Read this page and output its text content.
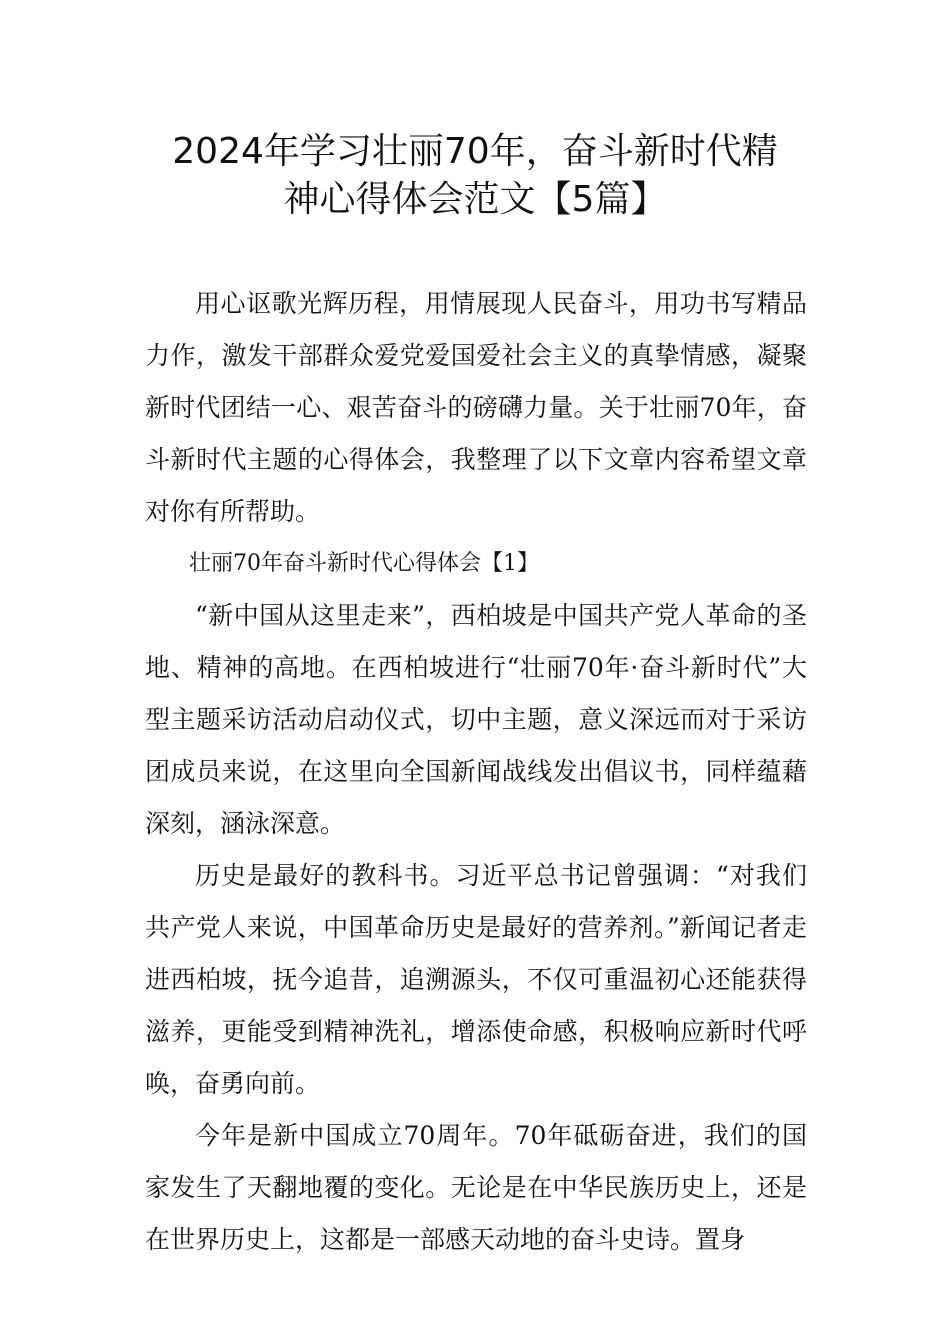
2024年学习壮丽70年，奋斗新时代精
神心得体会范文【5篇】

用心讴歌光辉历程，用情展现人民奋斗，用功书写精品力作，激发干部群众爱党爱国爱社会主义的真挚情感，凝聚新时代团结一心、艰苦奋斗的磅礴力量。关于壮丽70年，奋斗新时代主题的心得体会，我整理了以下文章内容希望文章对你有所帮助。

壮丽70年奋斗新时代心得体会【1】

“新中国从这里走来”，西柏坡是中国共产党人革命的圣地、精神的高地。在西柏坡进行“壮丽70年·奋斗新时代”大型主题采访活动启动仪式，切中主题，意义深远而对于采访团成员来说，在这里向全国新闻战线发出倡议书，同样蕴藉深刻，涵泳深意。

历史是最好的教科书。习近平总书记曾强调：“对我们共产党人来说，中国革命历史是最好的营养剂。”新闻记者走进西柏坡，抚今追昔，追溯源头，不仅可重温初心还能获得滋养，更能受到精神洗礼，增添使命感，积极响应新时代呼唤，奋勇向前。

今年是新中国成立70周年。70年砥砺奋进，我们的国家发生了天翻地覆的变化。无论是在中华民族历史上，还是在世界历史上，这都是一部感天动地的奋斗史诗。置身
